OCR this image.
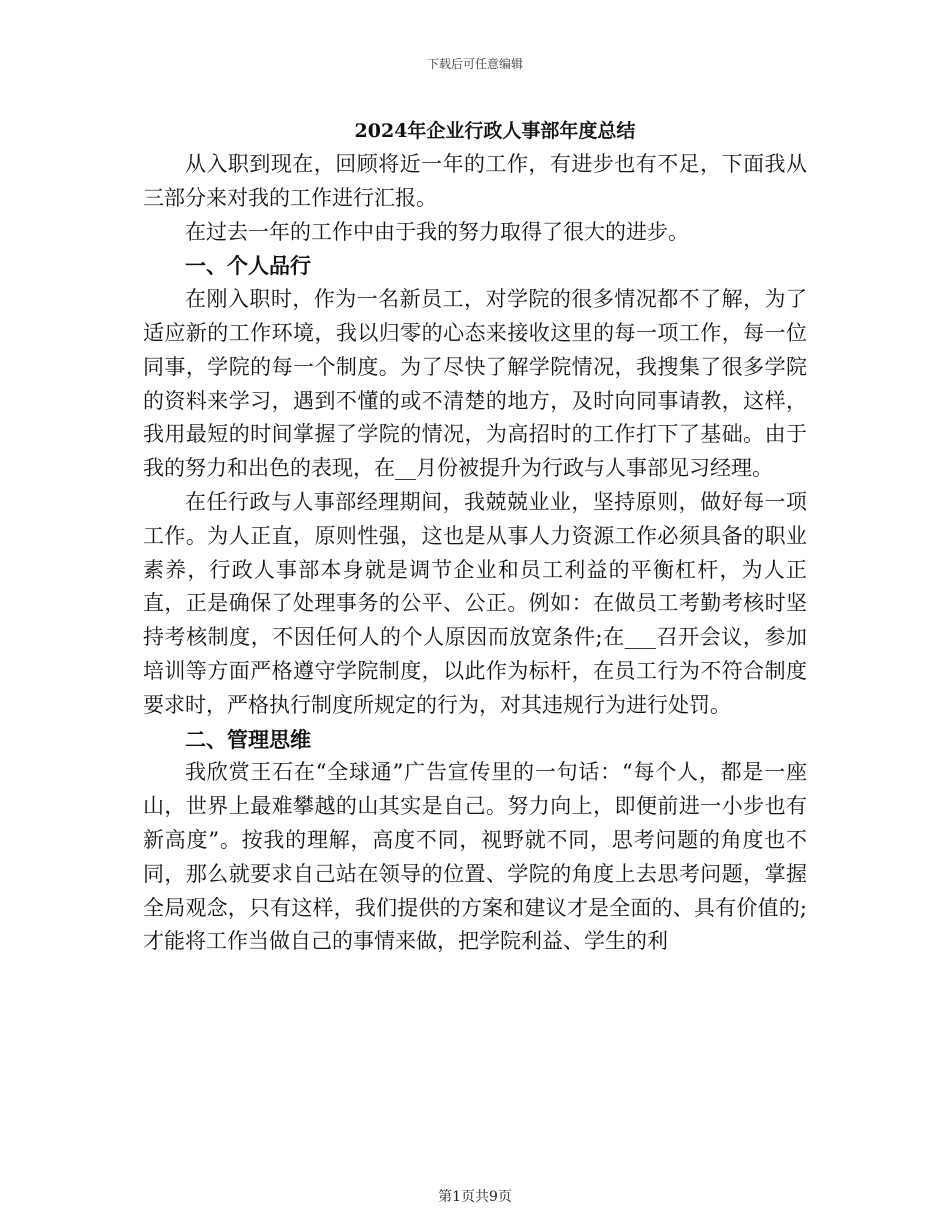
下载后可任意编辑
2024年企业行政人事部年度总结

从入职到现在，回顾将近一年的工作，有进步也有不足，下面我从三部分来对我的工作进行汇报。

在过去一年的工作中由于我的努力取得了很大的进步。

一、个人品行

在刚入职时，作为一名新员工，对学院的很多情况都不了解，为了适应新的工作环境，我以归零的心态来接收这里的每一项工作，每一位同事，学院的每一个制度。为了尽快了解学院情况，我搜集了很多学院的资料来学习，遇到不懂的或不清楚的地方，及时向同事请教，这样，我用最短的时间掌握了学院的情况，为高招时的工作打下了基础。由于我的努力和出色的表现，在__月份被提升为行政与人事部见习经理。

在任行政与人事部经理期间，我兢兢业业，坚持原则，做好每一项工作。为人正直，原则性强，这也是从事人力资源工作必须具备的职业素养，行政人事部本身就是调节企业和员工利益的平衡杠杆，为人正直，正是确保了处理事务的公平、公正。例如：在做员工考勤考核时坚持考核制度，不因任何人的个人原因而放宽条件;在___召开会议，参加培训等方面严格遵守学院制度，以此作为标杆，在员工行为不符合制度要求时，严格执行制度所规定的行为，对其违规行为进行处罚。

二、管理思维

我欣赏王石在“全球通”广告宣传里的一句话：“每个人，都是一座山，世界上最难攀越的山其实是自己。努力向上，即便前进一小步也有新高度”。按我的理解，高度不同，视野就不同，思考问题的角度也不同，那么就要求自己站在领导的位置、学院的角度上去思考问题，掌握全局观念，只有这样，我们提供的方案和建议才是全面的、具有价值的;才能将工作当做自己的事情来做，把学院利益、学生的利

第1页共9页
